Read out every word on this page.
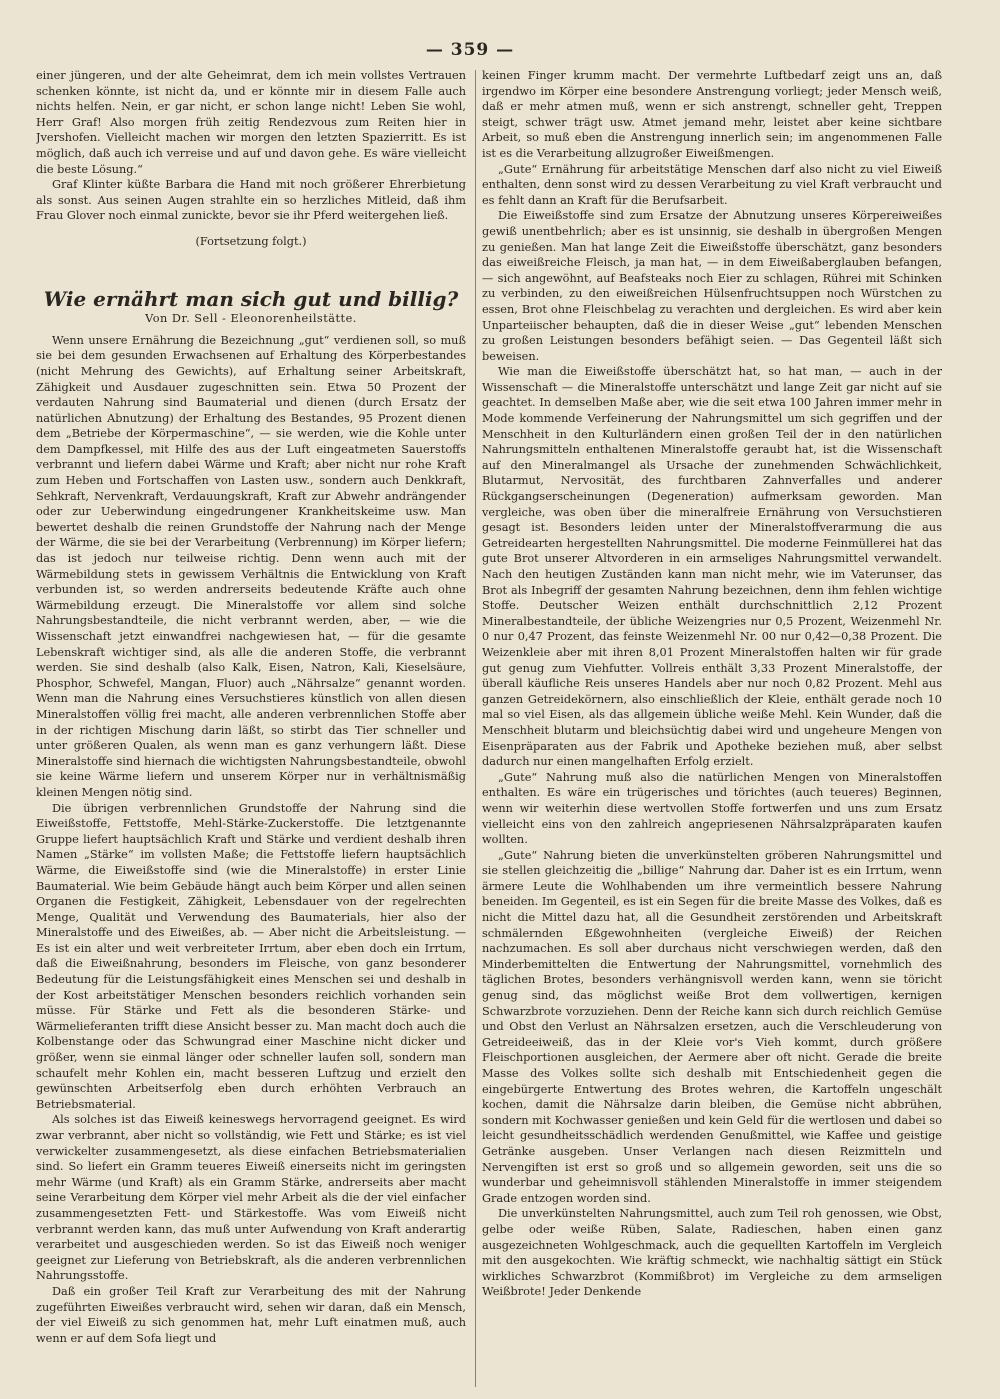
— 359 —

einer jüngeren, und der alte Geheimrat, dem ich mein vollstes Vertrauen schenken könnte, ist nicht da, und er könnte mir in diesem Falle auch nichts helfen. Nein, er gar nicht, er schon lange nicht! Leben Sie wohl, Herr Graf! Also morgen früh zeitig Rendezvous zum Reiten hier in Jvershofen. Vielleicht machen wir morgen den letzten Spazierritt. Es ist möglich, daß auch ich verreise und auf und davon gehe. Es wäre vielleicht die beste Lösung.“

Graf Klinter küßte Barbara die Hand mit noch größerer Ehrerbietung als sonst. Aus seinen Augen strahlte ein so herzliches Mitleid, daß ihm Frau Glover noch einmal zunickte, bevor sie ihr Pferd weitergehen ließ.

(Fortsetzung folgt.)
Wie ernährt man sich gut und billig?
Von Dr. Sell - Eleonorenheilstätte.

Wenn unsere Ernährung die Bezeichnung „gut“ verdienen soll, so muß sie bei dem gesunden Erwachsenen auf Erhaltung des Körperbestandes (nicht Mehrung des Gewichts), auf Erhaltung seiner Arbeitskraft, Zähigkeit und Ausdauer zugeschnitten sein. Etwa 50 Prozent der verdauten Nahrung sind Baumaterial und dienen (durch Ersatz der natürlichen Abnutzung) der Erhaltung des Bestandes, 95 Prozent dienen dem „Betriebe der Körpermaschine“, — sie werden, wie die Kohle unter dem Dampfkessel, mit Hilfe des aus der Luft eingeatmeten Sauerstoffs verbrannt und liefern dabei Wärme und Kraft; aber nicht nur rohe Kraft zum Heben und Fortschaffen von Lasten usw., sondern auch Denkkraft, Sehkraft, Nervenkraft, Verdauungskraft, Kraft zur Abwehr andrängender oder zur Ueberwindung eingedrungener Krankheitskeime usw. Man bewertet deshalb die reinen Grundstoffe der Nahrung nach der Menge der Wärme, die sie bei der Verarbeitung (Verbrennung) im Körper liefern; das ist jedoch nur teilweise richtig. Denn wenn auch mit der Wärmebildung stets in gewissem Verhältnis die Entwicklung von Kraft verbunden ist, so werden andrerseits bedeutende Kräfte auch ohne Wärmebildung erzeugt. Die Mineralstoffe vor allem sind solche Nahrungsbestandteile, die nicht verbrannt werden, aber, — wie die Wissenschaft jetzt einwandfrei nachgewiesen hat, — für die gesamte Lebenskraft wichtiger sind, als alle die anderen Stoffe, die verbrannt werden. Sie sind deshalb (also Kalk, Eisen, Natron, Kali, Kieselsäure, Phosphor, Schwefel, Mangan, Fluor) auch „Nährsalze“ genannt worden. Wenn man die Nahrung eines Versuchstieres künstlich von allen diesen Mineralstoffen völlig frei macht, alle anderen verbrennlichen Stoffe aber in der richtigen Mischung darin läßt, so stirbt das Tier schneller und unter größeren Qualen, als wenn man es ganz verhungern läßt. Diese Mineralstoffe sind hiernach die wichtigsten Nahrungsbestandteile, obwohl sie keine Wärme liefern und unserem Körper nur in verhältnismäßig kleinen Mengen nötig sind.

Die übrigen verbrennlichen Grundstoffe der Nahrung sind die Eiweißstoffe, Fettstoffe, Mehl-Stärke-Zuckerstoffe. Die letztgenannte Gruppe liefert hauptsächlich Kraft und Stärke und verdient deshalb ihren Namen „Stärke“ im vollsten Maße; die Fettstoffe liefern hauptsächlich Wärme, die Eiweißstoffe sind (wie die Mineralstoffe) in erster Linie Baumaterial. Wie beim Gebäude hängt auch beim Körper und allen seinen Organen die Festigkeit, Zähigkeit, Lebensdauer von der regelrechten Menge, Qualität und Verwendung des Baumaterials, hier also der Mineralstoffe und des Eiweißes, ab. — Aber nicht die Arbeitsleistung. — Es ist ein alter und weit verbreiteter Irrtum, aber eben doch ein Irrtum, daß die Eiweißnahrung, besonders im Fleische, von ganz besonderer Bedeutung für die Leistungsfähigkeit eines Menschen sei und deshalb in der Kost arbeitstätiger Menschen besonders reichlich vorhanden sein müsse. Für Stärke und Fett als die besonderen Stärke- und Wärmelieferanten trifft diese Ansicht besser zu. Man macht doch auch die Kolbenstange oder das Schwungrad einer Maschine nicht dicker und größer, wenn sie einmal länger oder schneller laufen soll, sondern man schaufelt mehr Kohlen ein, macht besseren Luftzug und erzielt den gewünschten Arbeitserfolg eben durch erhöhten Verbrauch an Betriebsmaterial.

Als solches ist das Eiweiß keineswegs hervorragend geeignet. Es wird zwar verbrannt, aber nicht so vollständig, wie Fett und Stärke; es ist viel verwickelter zusammengesetzt, als diese einfachen Betriebsmaterialien sind. So liefert ein Gramm teueres Eiweiß einerseits nicht im geringsten mehr Wärme (und Kraft) als ein Gramm Stärke, andrerseits aber macht seine Verarbeitung dem Körper viel mehr Arbeit als die der viel einfacher zusammengesetzten Fett- und Stärkestoffe. Was vom Eiweiß nicht verbrannt werden kann, das muß unter Aufwendung von Kraft anderartig verarbeitet und ausgeschieden werden. So ist das Eiweiß noch weniger geeignet zur Lieferung von Betriebskraft, als die anderen verbrennlichen Nahrungsstoffe.

Daß ein großer Teil Kraft zur Verarbeitung des mit der Nahrung zugeführten Eiweißes verbraucht wird, sehen wir daran, daß ein Mensch, der viel Eiweiß zu sich genommen hat, mehr Luft einatmen muß, auch wenn er auf dem Sofa liegt und

keinen Finger krumm macht. Der vermehrte Luftbedarf zeigt uns an, daß irgendwo im Körper eine besondere Anstrengung vorliegt; jeder Mensch weiß, daß er mehr atmen muß, wenn er sich anstrengt, schneller geht, Treppen steigt, schwer trägt usw. Atmet jemand mehr, leistet aber keine sichtbare Arbeit, so muß eben die Anstrengung innerlich sein; im angenommenen Falle ist es die Verarbeitung allzugroßer Eiweißmengen.

„Gute“ Ernährung für arbeitstätige Menschen darf also nicht zu viel Eiweiß enthalten, denn sonst wird zu dessen Verarbeitung zu viel Kraft verbraucht und es fehlt dann an Kraft für die Berufsarbeit.

Die Eiweißstoffe sind zum Ersatze der Abnutzung unseres Körpereiweißes gewiß unentbehrlich; aber es ist unsinnig, sie deshalb in übergroßen Mengen zu genießen. Man hat lange Zeit die Eiweißstoffe überschätzt, ganz besonders das eiweißreiche Fleisch, ja man hat, — in dem Eiweißaberglauben befangen, — sich angewöhnt, auf Beafsteaks noch Eier zu schlagen, Rührei mit Schinken zu verbinden, zu den eiweißreichen Hülsenfruchtsuppen noch Würstchen zu essen, Brot ohne Fleischbelag zu verachten und dergleichen. Es wird aber kein Unparteiischer behaupten, daß die in dieser Weise „gut“ lebenden Menschen zu großen Leistungen besonders befähigt seien. — Das Gegenteil läßt sich beweisen.

Wie man die Eiweißstoffe überschätzt hat, so hat man, — auch in der Wissenschaft — die Mineralstoffe unterschätzt und lange Zeit gar nicht auf sie geachtet. In demselben Maße aber, wie die seit etwa 100 Jahren immer mehr in Mode kommende Verfeinerung der Nahrungsmittel um sich gegriffen und der Menschheit in den Kulturländern einen großen Teil der in den natürlichen Nahrungsmitteln enthaltenen Mineralstoffe geraubt hat, ist die Wissenschaft auf den Mineralmangel als Ursache der zunehmenden Schwächlichkeit, Blutarmut, Nervosität, des furchtbaren Zahnverfalles und anderer Rückgangserscheinungen (Degeneration) aufmerksam geworden. Man vergleiche, was oben über die mineralfreie Ernährung von Versuchstieren gesagt ist. Besonders leiden unter der Mineralstoffverarmung die aus Getreidearten hergestellten Nahrungsmittel. Die moderne Feinmüllerei hat das gute Brot unserer Altvorderen in ein armseliges Nahrungsmittel verwandelt. Nach den heutigen Zuständen kann man nicht mehr, wie im Vaterunser, das Brot als Inbegriff der gesamten Nahrung bezeichnen, denn ihm fehlen wichtige Stoffe. Deutscher Weizen enthält durchschnittlich 2,12 Prozent Mineralbestandteile, der übliche Weizengries nur 0,5 Prozent, Weizenmehl Nr. 0 nur 0,47 Prozent, das feinste Weizenmehl Nr. 00 nur 0,42—0,38 Prozent. Die Weizenkleie aber mit ihren 8,01 Prozent Mineralstoffen halten wir für grade gut genug zum Viehfutter. Vollreis enthält 3,33 Prozent Mineralstoffe, der überall käufliche Reis unseres Handels aber nur noch 0,82 Prozent. Mehl aus ganzen Getreidekörnern, also einschließlich der Kleie, enthält gerade noch 10 mal so viel Eisen, als das allgemein übliche weiße Mehl. Kein Wunder, daß die Menschheit blutarm und bleichsüchtig dabei wird und ungeheure Mengen von Eisenpräparaten aus der Fabrik und Apotheke beziehen muß, aber selbst dadurch nur einen mangelhaften Erfolg erzielt.

„Gute“ Nahrung muß also die natürlichen Mengen von Mineralstoffen enthalten. Es wäre ein trügerisches und törichtes (auch teueres) Beginnen, wenn wir weiterhin diese wertvollen Stoffe fortwerfen und uns zum Ersatz vielleicht eins von den zahlreich angepriesenen Nährsalzpräparaten kaufen wollten.

„Gute“ Nahrung bieten die unverkünstelten gröberen Nahrungsmittel und sie stellen gleichzeitig die „billige“ Nahrung dar. Daher ist es ein Irrtum, wenn ärmere Leute die Wohlhabenden um ihre vermeintlich bessere Nahrung beneiden. Im Gegenteil, es ist ein Segen für die breite Masse des Volkes, daß es nicht die Mittel dazu hat, all die Gesundheit zerstörenden und Arbeitskraft schmälernden Eßgewohnheiten (vergleiche Eiweiß) der Reichen nachzumachen. Es soll aber durchaus nicht verschwiegen werden, daß den Minderbemittelten die Entwertung der Nahrungsmittel, vornehmlich des täglichen Brotes, besonders verhängnisvoll werden kann, wenn sie töricht genug sind, das möglichst weiße Brot dem vollwertigen, kernigen Schwarzbrote vorzuziehen. Denn der Reiche kann sich durch reichlich Gemüse und Obst den Verlust an Nährsalzen ersetzen, auch die Verschleuderung von Getreideeiweiß, das in der Kleie vor's Vieh kommt, durch größere Fleischportionen ausgleichen, der Aermere aber oft nicht. Gerade die breite Masse des Volkes sollte sich deshalb mit Entschiedenheit gegen die eingebürgerte Entwertung des Brotes wehren, die Kartoffeln ungeschält kochen, damit die Nährsalze darin bleiben, die Gemüse nicht abbrühen, sondern mit Kochwasser genießen und kein Geld für die wertlosen und dabei so leicht gesundheitsschädlich werdenden Genußmittel, wie Kaffee und geistige Getränke ausgeben. Unser Verlangen nach diesen Reizmitteln und Nervengiften ist erst so groß und so allgemein geworden, seit uns die so wunderbar und geheimnisvoll stählenden Mineralstoffe in immer steigendem Grade entzogen worden sind.

Die unverkünstelten Nahrungsmittel, auch zum Teil roh genossen, wie Obst, gelbe oder weiße Rüben, Salate, Radieschen, haben einen ganz ausgezeichneten Wohlgeschmack, auch die gequellten Kartoffeln im Vergleich mit den ausgekochten. Wie kräftig schmeckt, wie nachhaltig sättigt ein Stück wirkliches Schwarzbrot (Kommißbrot) im Vergleiche zu dem armseligen Weißbrote! Jeder Denkende
